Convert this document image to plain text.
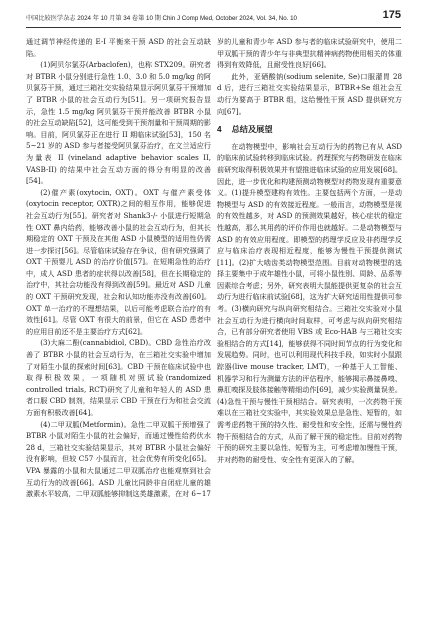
中国比较医学杂志 2024 年 10 月第 34 卷第 10 期 Chin J Comp Med, October 2024, Vol. 34, No. 10	175

通过调节神经传递的 E-I 平衡来干预 ASD 的社会互动缺陷。

(1)阿贝尔氯芬(Arbaclofen)，也称 STX209。研究者对 BTBR 小鼠分别进行急性 1.0、3.0 和 5.0 mg/kg 的阿贝氯芬干预，通过三箱社交实验结果显示阿贝氯芬干预增加了 BTBR 小鼠的社会互动行为[51]。另一项研究报告显示，急性 1.5 mg/kg 阿贝氯芬干预并能改善 BTBR 小鼠的社会互动缺陷[52]，这可能受到干预剂量和干预周期的影响。目前，阿贝氯芬正在进行 II 期临床试验[53]，150 名 5~21 岁的 ASD 参与者接受阿贝氯芬治疗，在文兰适应行为量表 II (vineland adaptive behavior scales II, VASB-II) 的结果中社会互动方面的得分有明显的改善[54]。

(2)催产素(oxytocin, OXT)。OXT 与催产素受体(oxytocin receptor, OXTR)之间的相互作用，能够促进社会互动行为[55]。研究者对 Shank3-/- 小鼠进行短期急性 OXT 鼻内给药，能够改善小鼠的社会互动行为，但其长期稳定的 OXT 干预及在其他 ASD 小鼠模型的适用性仍需进一步探讨[56]。尽管临床试验存在争议，但有研究强调了 OXT 干预婴儿 ASD 的治疗价值[57]。在短期急性的治疗中，成人 ASD 患者的症状得以改善[58]，但在长期稳定的治疗中，其社会功能没有得到改善[59]。最近对 ASD 儿童的 OXT 干预研究发现，社会和认知功能亦没有改善[60]。OXT 单一治疗的不理想结果，以后可能考虑联合治疗的有效性[61]。尽管 OXT 有很大的前景，但它在 ASD 患者中的应用目前还不是主要治疗方式[62]。

(3)大麻二酚(cannabidiol, CBD)。CBD 急性治疗改善了 BTBR 小鼠的社会互动行为，在三箱社交实验中增加了对陌生小鼠的探索时间[63]。CBD 干预在临床试验中也取得积极效果，一项随机对照试验(randomized controlled trials, RCT)研究了儿童和年轻人的 ASD 患者口服 CBD 制剂，结果显示 CBD 干预在行为和社会交流方面有积极改善[64]。

(4)二甲双胍(Metformin)。急性二甲双胍干预增强了 BTBR 小鼠对陌生小鼠的社会偏好，而通过慢性给药伏水 28 d，三箱社交实验结果显示，其对 BTBR 小鼠社会偏好没有影响，但较 C57 小鼠而言，社会优势有所变化[65]。VPA 暴露的小鼠和大鼠通过二甲双胍治疗也能观察到社会互动行为的改善[66]。ASD 儿童比同龄非自闭症儿童的雄激素水平较高，二甲双胍能够抑制这类雄激素，在对 6~17

岁的儿童和青少年 ASD 参与者的临床试验研究中，使用二甲双胍干预的青少年与非典型抗精神病药物使用相关的体重得到有效降低，且耐受性良好[66]。

此外，亚硒酸钠(sodium selenite, Se)口服灌胃 28 d 后，进行三箱社交实验结果显示，BTBR+Se 组社会互动行为要高于 BTBR 组，这给慢性干预 ASD 提供研究方向[67]。

4 总结及展望

在动物模型中，影响社会互动行为的药物已有从 ASD 的临床前试验转移到临床试验。药理探究与药物研发在临床前研究取得积极效果并有望推进临床试验的应用发展[68]。因此，进一步优化和构建预测动物模型对药物发现有重要意义。(1)提升模型建构有效性。主要包括两个方面，一是动物模型与 ASD 的有效接近程度。一般而言，动物模型是视的有效性越多，对 ASD 的预测效果越好，核心症状的稳定性越高，那么其用药的评价作用也就越好。二是动物模型与 ASD 的有效应用程度。即模型的药理学反应及非药理学反应与临床治疗表现相近程度，能够为慢性干预提供测试[11]。(2)扩大啮齿类动物模型范围。目前对动物模型的选择主要集中于成年雄性小鼠，可将小鼠性别、周龄、品系等因素综合考虑；另外，研究表明大鼠能提供更复杂的社会互动行为进行临床前试验[68]，这为扩大研究适用性提供可参考。(3)横向研究与纵向研究相结合。三箱社交实验对小鼠社会互动行为进行横向时间取样，可考虑与纵向研究相结合，已有部分研究者使用 VBS 或 Eco-HAB 与三箱社交实验相结合的方式[14]，能够获得不同时间节点的行为变化和发展趋势。同时，也可以利用现代科技手段，如实时小鼠跟踪器(live mouse tracker, LMT)，一种基于人工智能、机器学习和行为测量方法的评估程序，能够揭示鼻接鼻嗅、鼻肛嗅探及肢体接触等精细动作[69]，减少实验测量误差。(4)急性干预与慢性干预相结合。研究表明，一次药物干预难以在三箱社交实验中，其实验效果总是急性、短暂的，如需考虑药物干预的持久性、耐受性和安全性，还需与慢性药物干预相结合的方式，从而了解干预的稳定性。目前对药物干预的研究主要以急性、短暂为主，可考虑增加慢性干预，并对药物的耐受性、安全性有更深入的了解。
